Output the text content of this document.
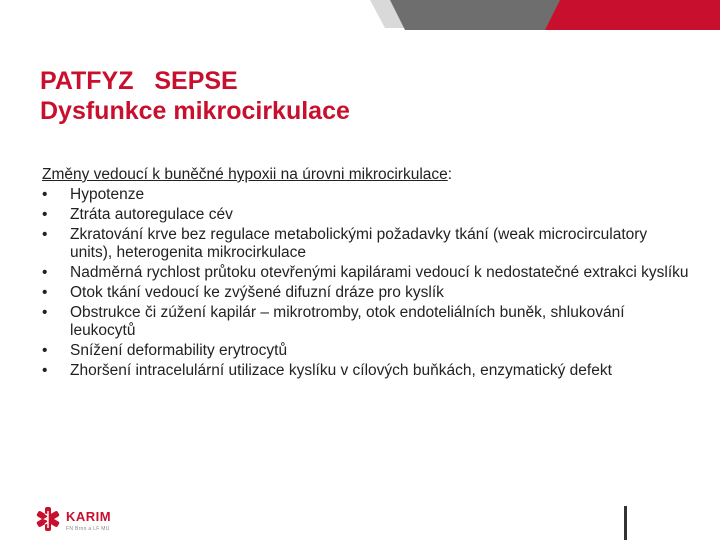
PATFYZ   SEPSE
Dysfunkce mikrocirkulace
Změny vedoucí k buněčné hypoxii na úrovni mikrocirkulace:
• Hypotenze
• Ztráta autoregulace cév
• Zkratování krve bez regulace metabolickými požadavky tkání (weak microcirculatory units), heterogenita mikrocirkulace
• Nadměrná rychlost průtoku otevřenými kapilárami vedoucí k nedostatečné extrakci kyslíku
• Otok tkání vedoucí ke zvýšené difuzní dráze pro kyslík
• Obstrukce či zúžení kapilár – mikrotromby, otok endoteliálních buněk, shlukování leukocytů
• Snížení deformability erytrocytů
• Zhoršení intracelulární utilizace kyslíku v cílových buňkách, enzymatický defekt
KARIM
FN Brno a LF MU
